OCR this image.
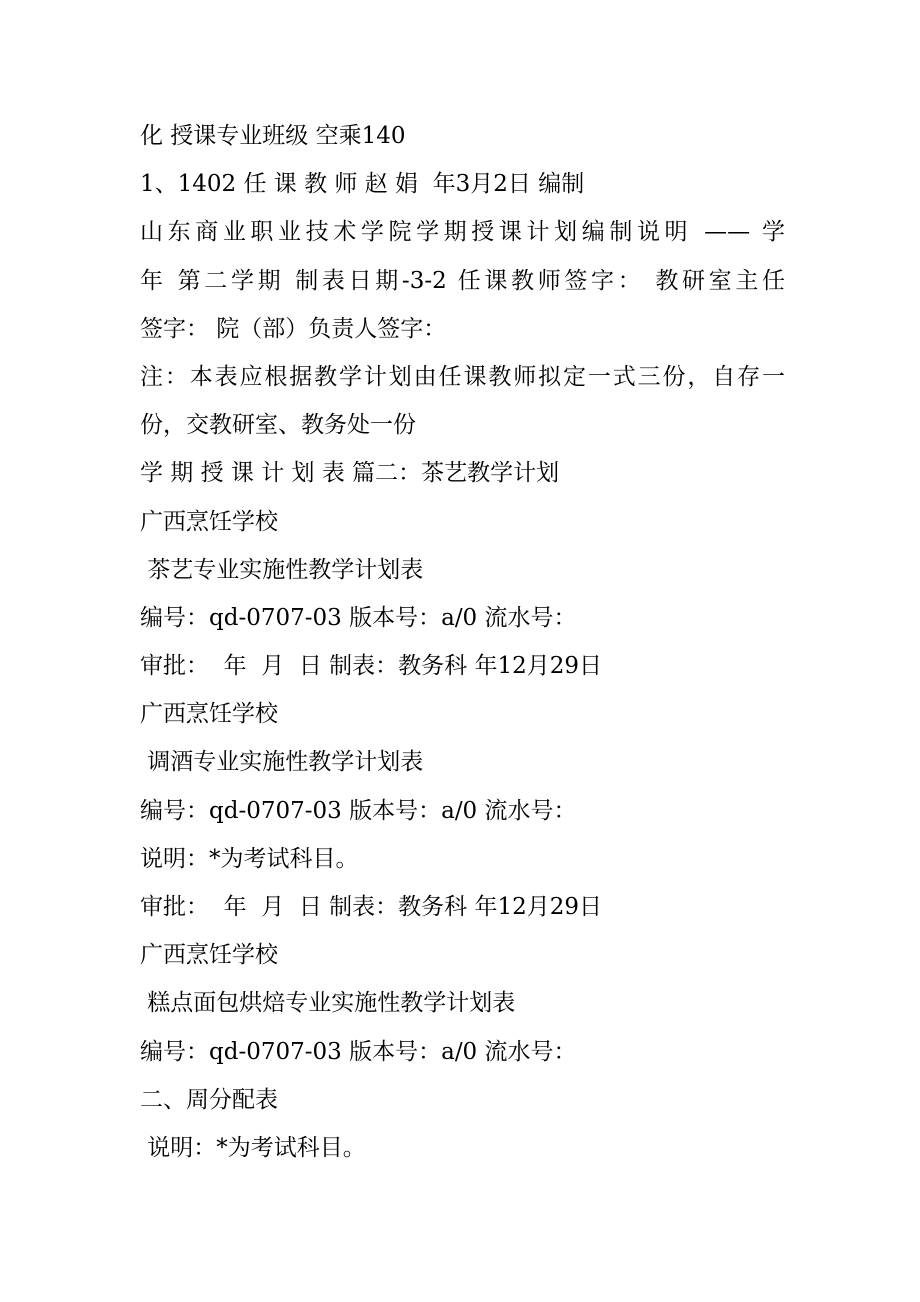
化 授课专业班级 空乘140
1、1402 任 课 教 师 赵 娟  年3月2日 编制
山东商业职业技术学院学期授课计划编制说明 —— 学
年 第二学期 制表日期-3-2 任课教师签字： 教研室主任
签字： 院（部）负责人签字：
注：本表应根据教学计划由任课教师拟定一式三份，自存一
份，交教研室、教务处一份
学 期 授 课 计 划 表 篇二：茶艺教学计划
广西烹饪学校
茶艺专业实施性教学计划表
编号：qd-0707-03 版本号：a/0 流水号：
审批：  年  月  日 制表：教务科 年12月29日
广西烹饪学校
调酒专业实施性教学计划表
编号：qd-0707-03 版本号：a/0 流水号：
说明：*为考试科目。
审批：  年  月  日 制表：教务科 年12月29日
广西烹饪学校
糕点面包烘焙专业实施性教学计划表
编号：qd-0707-03 版本号：a/0 流水号：
二、周分配表
说明：*为考试科目。
